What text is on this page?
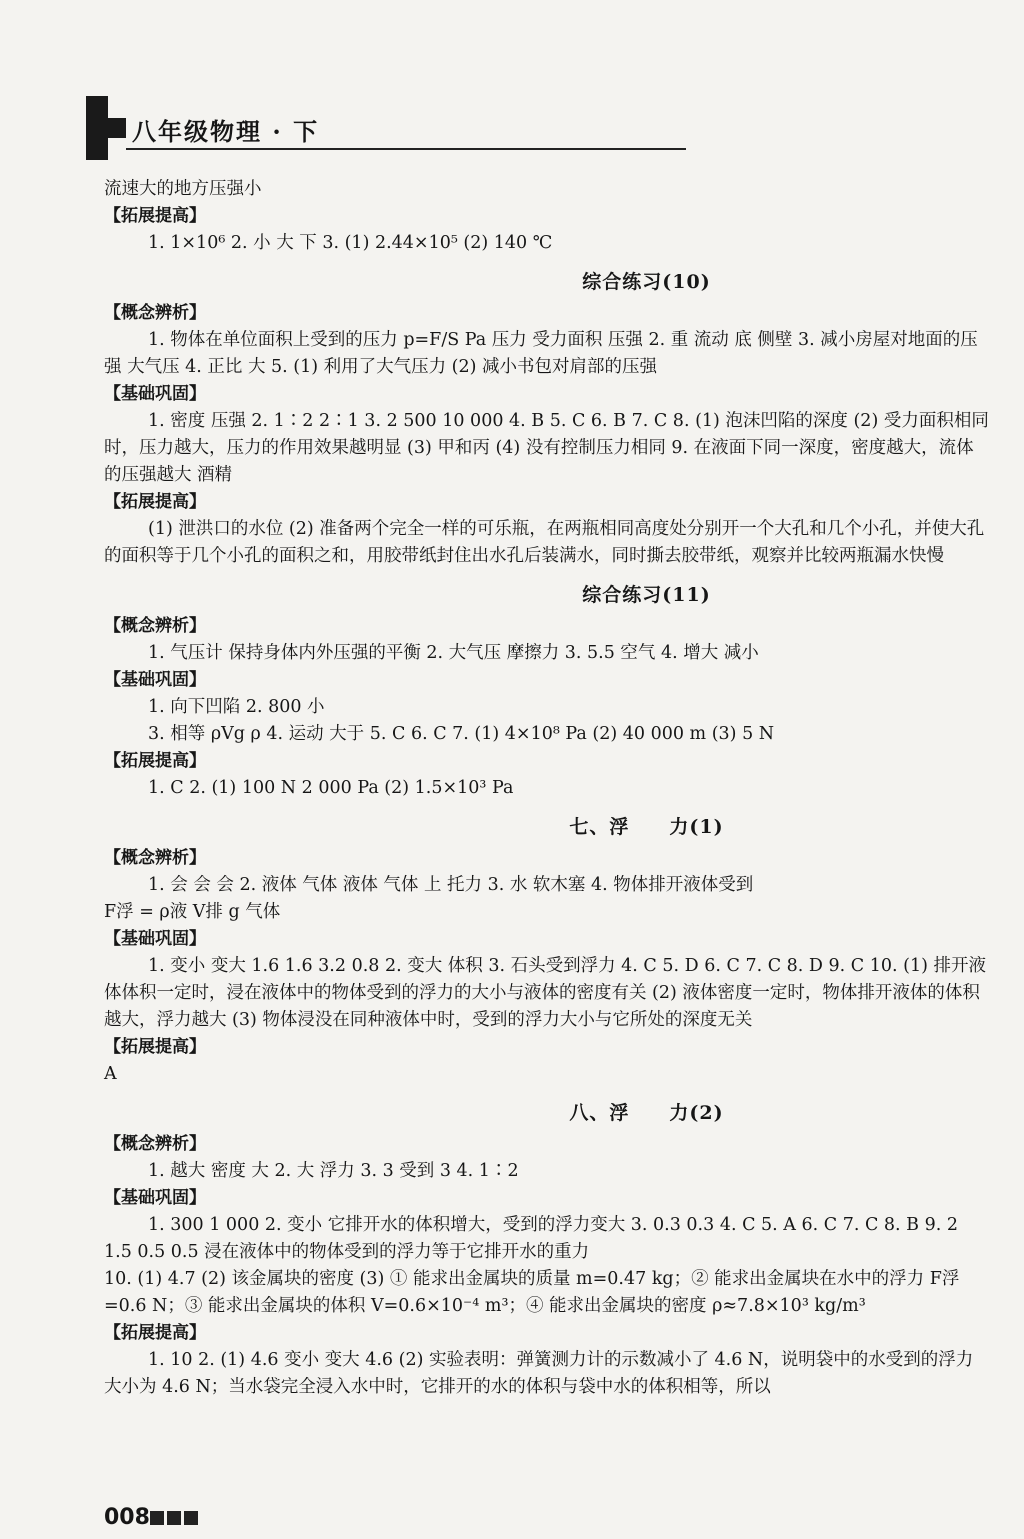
八年级物理 · 下

流速大的地方压强小

【拓展提高】

1. 1×10⁶ 2. 小 大 下 3. (1) 2.44×10⁵ (2) 140 ℃

综合练习(10)
【概念辨析】

1. 物体在单位面积上受到的压力 p=F/S Pa 压力 受力面积 压强 2. 重 流动 底 侧壁 3. 减小房屋对地面的压强 大气压 4. 正比 大 5. (1) 利用了大气压力 (2) 减小书包对肩部的压强

【基础巩固】

1. 密度 压强 2. 1∶2 2∶1 3. 2 500 10 000 4. B 5. C 6. B 7. C 8. (1) 泡沫凹陷的深度 (2) 受力面积相同时，压力越大，压力的作用效果越明显 (3) 甲和丙 (4) 没有控制压力相同 9. 在液面下同一深度，密度越大，流体的压强越大 酒精

【拓展提高】

(1) 泄洪口的水位 (2) 准备两个完全一样的可乐瓶，在两瓶相同高度处分别开一个大孔和几个小孔，并使大孔的面积等于几个小孔的面积之和，用胶带纸封住出水孔后装满水，同时撕去胶带纸，观察并比较两瓶漏水快慢

综合练习(11)
【概念辨析】

1. 气压计 保持身体内外压强的平衡 2. 大气压 摩擦力 3. 5.5 空气 4. 增大 减小

【基础巩固】

1. 向下凹陷 2. 800 小

3. 相等 ρVg ρ 4. 运动 大于 5. C 6. C 7. (1) 4×10⁸ Pa (2) 40 000 m (3) 5 N

【拓展提高】

1. C 2. (1) 100 N 2 000 Pa (2) 1.5×10³ Pa

七、浮　　力(1)
【概念辨析】

1. 会 会 会 2. 液体 气体 液体 气体 上 托力 3. 水 软木塞 4. 物体排开液体受到

F浮 = ρ液 V排 g 气体

【基础巩固】

1. 变小 变大 1.6 1.6 3.2 0.8 2. 变大 体积 3. 石头受到浮力 4. C 5. D 6. C 7. C 8. D 9. C 10. (1) 排开液体体积一定时，浸在液体中的物体受到的浮力的大小与液体的密度有关 (2) 液体密度一定时，物体排开液体的体积越大，浮力越大 (3) 物体浸没在同种液体中时，受到的浮力大小与它所处的深度无关

【拓展提高】

A

八、浮　　力(2)
【概念辨析】

1. 越大 密度 大 2. 大 浮力 3. 3 受到 3 4. 1∶2

【基础巩固】

1. 300 1 000 2. 变小 它排开水的体积增大，受到的浮力变大 3. 0.3 0.3 4. C 5. A 6. C 7. C 8. B 9. 2 1.5 0.5 0.5 浸在液体中的物体受到的浮力等于它排开水的重力

10. (1) 4.7 (2) 该金属块的密度 (3) ① 能求出金属块的质量 m=0.47 kg；② 能求出金属块在水中的浮力 F浮 =0.6 N；③ 能求出金属块的体积 V=0.6×10⁻⁴ m³；④ 能求出金属块的密度 ρ≈7.8×10³ kg/m³

【拓展提高】

1. 10 2. (1) 4.6 变小 变大 4.6 (2) 实验表明：弹簧测力计的示数减小了 4.6 N，说明袋中的水受到的浮力大小为 4.6 N；当水袋完全浸入水中时，它排开的水的体积与袋中水的体积相等，所以

008
